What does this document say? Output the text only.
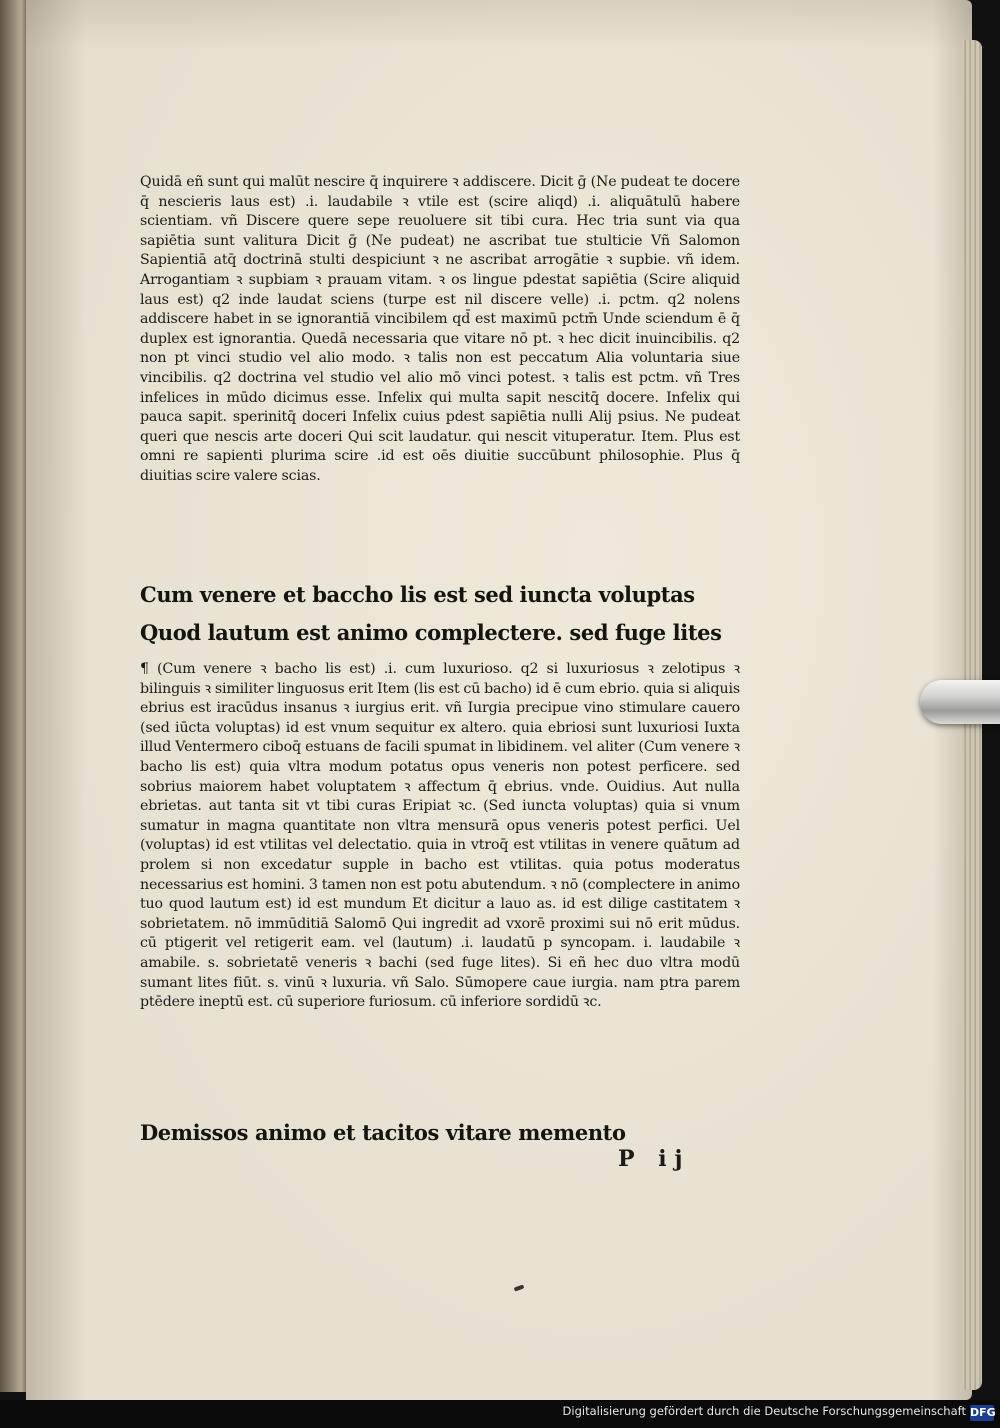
Quidā eñ sunt qui malūt nescire q̄ inquirere ꝛ addiscere. Dicit ḡ (Ne pudeat te docere q̄ nescieris laus est) .i. laudabile ꝛ vtile est (scire aliqd) .i. aliquātulū habere scientiam. vñ Discere quere sepe reuoluere sit tibi cura. Hec tria sunt via qua sapiētia sunt valitura Dicit ḡ (Ne pudeat) ne ascribat tue stulticie Vñ Salomon Sapientiā atq̄ doctrinā stulti despiciunt ꝛ ne ascribat arrogātie ꝛ supbie. vñ idem. Arrogantiam ꝛ supbiam ꝛ prauam vitam. ꝛ os lingue pdestat sapiētia (Scire aliquid laus est) q2 inde laudat sciens (turpe est nil discere velle) .i. pctm. q2 nolens addiscere habet in se ignorantiā vincibilem qd̄ est maximū pctm̄ Unde sciendum ē q̄ duplex est ignorantia. Quedā necessaria que vitare nō pt. ꝛ hec dicit inuincibilis. q2 non pt vinci studio vel alio modo. ꝛ talis non est peccatum Alia voluntaria siue vincibilis. q2 doctrina vel studio vel alio mō vinci potest. ꝛ talis est pctm. vñ Tres infelices in mūdo dicimus esse. Infelix qui multa sapit nescitq̄ docere. Infelix qui pauca sapit. sperinitq̄ doceri Infelix cuius pdest sapiētia nulli Alij psius. Ne pudeat queri que nescis arte doceri Qui scit laudatur. qui nescit vituperatur. Item. Plus est omni re sapienti plurima scire .id est oēs diuitie succūbunt philosophie. Plus q̄ diuitias scire valere scias.
Cum venere et baccho lis est sed iuncta voluptas
Quod lautum est animo complectere. sed fuge lites
¶ (Cum venere ꝛ bacho lis est) .i. cum luxurioso. q2 si luxuriosus ꝛ zelotipus ꝛ bilinguis ꝛ similiter linguosus erit Item (lis est cū bacho) id ē cum ebrio. quia si aliquis ebrius est iracūdus insanus ꝛ iurgius erit. vñ Iurgia precipue vino stimulare cauero (sed iūcta voluptas) id est vnum sequitur ex altero. quia ebriosi sunt luxuriosi Iuxta illud Ventermero ciboq̄ estuans de facili spumat in libidinem. vel aliter (Cum venere ꝛ bacho lis est) quia vltra modum potatus opus veneris non potest perficere. sed sobrius maiorem habet voluptatem ꝛ affectum q̄ ebrius. vnde. Ouidius. Aut nulla ebrietas. aut tanta sit vt tibi curas Eripiat ꝛc. (Sed iuncta voluptas) quia si vnum sumatur in magna quantitate non vltra mensurā opus veneris potest perfici. Uel (voluptas) id est vtilitas vel delectatio. quia in vtroq̄ est vtilitas in venere quātum ad prolem si non excedatur supple in bacho est vtilitas. quia potus moderatus necessarius est homini. 3 tamen non est potu abutendum. ꝛ nō (complectere in animo tuo quod lautum est) id est mundum Et dicitur a lauo as. id est dilige castitatem ꝛ sobrietatem. nō immūditiā Salomō Qui ingredit ad vxorē proximi sui nō erit mūdus. cū ptigerit vel retigerit eam. vel (lautum) .i. laudatū p syncopam. i. laudabile ꝛ amabile. s. sobrietatē veneris ꝛ bachi (sed fuge lites). Si eñ hec duo vltra modū sumant lites fiūt. s. vinū ꝛ luxuria. vñ Salo. Sūmopere caue iurgia. nam ptra parem ptēdere ineptū est. cū superiore furiosum. cū inferiore sordidū ꝛc.
Demissos animo et tacitos vitare memento
P ij
Digitalisierung gefördert durch die Deutsche Forschungsgemeinschaft DFG
